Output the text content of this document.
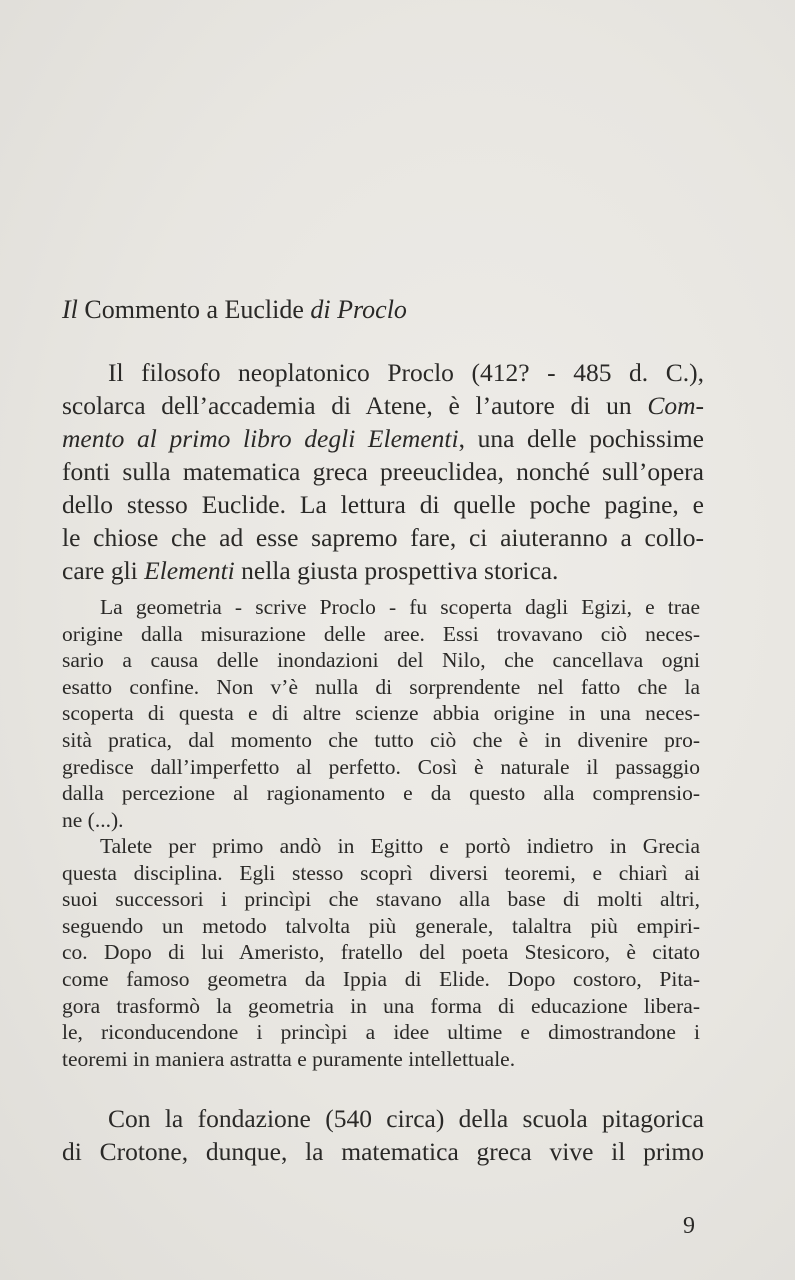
Il Commento a Euclide di Proclo
Il filosofo neoplatonico Proclo (412? - 485 d. C.),
scolarca dell’accademia di Atene, è l’autore di un Com-
mento al primo libro degli Elementi, una delle pochissime
fonti sulla matematica greca preeuclidea, nonché sull’opera
dello stesso Euclide. La lettura di quelle poche pagine, e
le chiose che ad esse sapremo fare, ci aiuteranno a collo-
care gli Elementi nella giusta prospettiva storica.
La geometria - scrive Proclo - fu scoperta dagli Egizi, e trae
origine dalla misurazione delle aree. Essi trovavano ciò neces-
sario a causa delle inondazioni del Nilo, che cancellava ogni
esatto confine. Non v’è nulla di sorprendente nel fatto che la
scoperta di questa e di altre scienze abbia origine in una neces-
sità pratica, dal momento che tutto ciò che è in divenire pro-
gredisce dall’imperfetto al perfetto. Così è naturale il passaggio
dalla percezione al ragionamento e da questo alla comprensio-
ne (...).
Talete per primo andò in Egitto e portò indietro in Grecia
questa disciplina. Egli stesso scoprì diversi teoremi, e chiarì ai
suoi successori i princìpi che stavano alla base di molti altri,
seguendo un metodo talvolta più generale, talaltra più empiri-
co. Dopo di lui Ameristo, fratello del poeta Stesicoro, è citato
come famoso geometra da Ippia di Elide. Dopo costoro, Pita-
gora trasformò la geometria in una forma di educazione libera-
le, riconducendone i princìpi a idee ultime e dimostrandone i
teoremi in maniera astratta e puramente intellettuale.
Con la fondazione (540 circa) della scuola pitagorica
di Crotone, dunque, la matematica greca vive il primo
9
